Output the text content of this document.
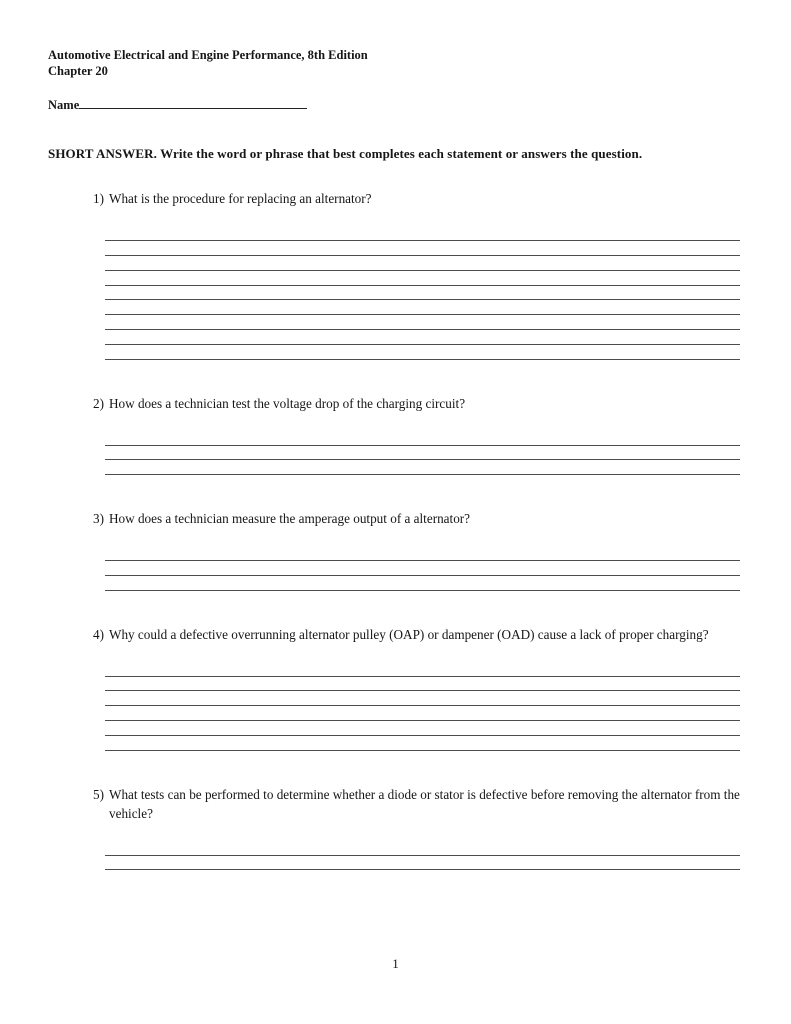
Automotive Electrical and Engine Performance, 8th Edition
Chapter 20
Name
SHORT ANSWER. Write the word or phrase that best completes each statement or answers the question.
1) What is the procedure for replacing an alternator?
2) How does a technician test the voltage drop of the charging circuit?
3) How does a technician measure the amperage output of a alternator?
4) Why could a defective overrunning alternator pulley (OAP) or dampener (OAD) cause a lack of proper charging?
5) What tests can be performed to determine whether a diode or stator is defective before removing the alternator from the vehicle?
1
